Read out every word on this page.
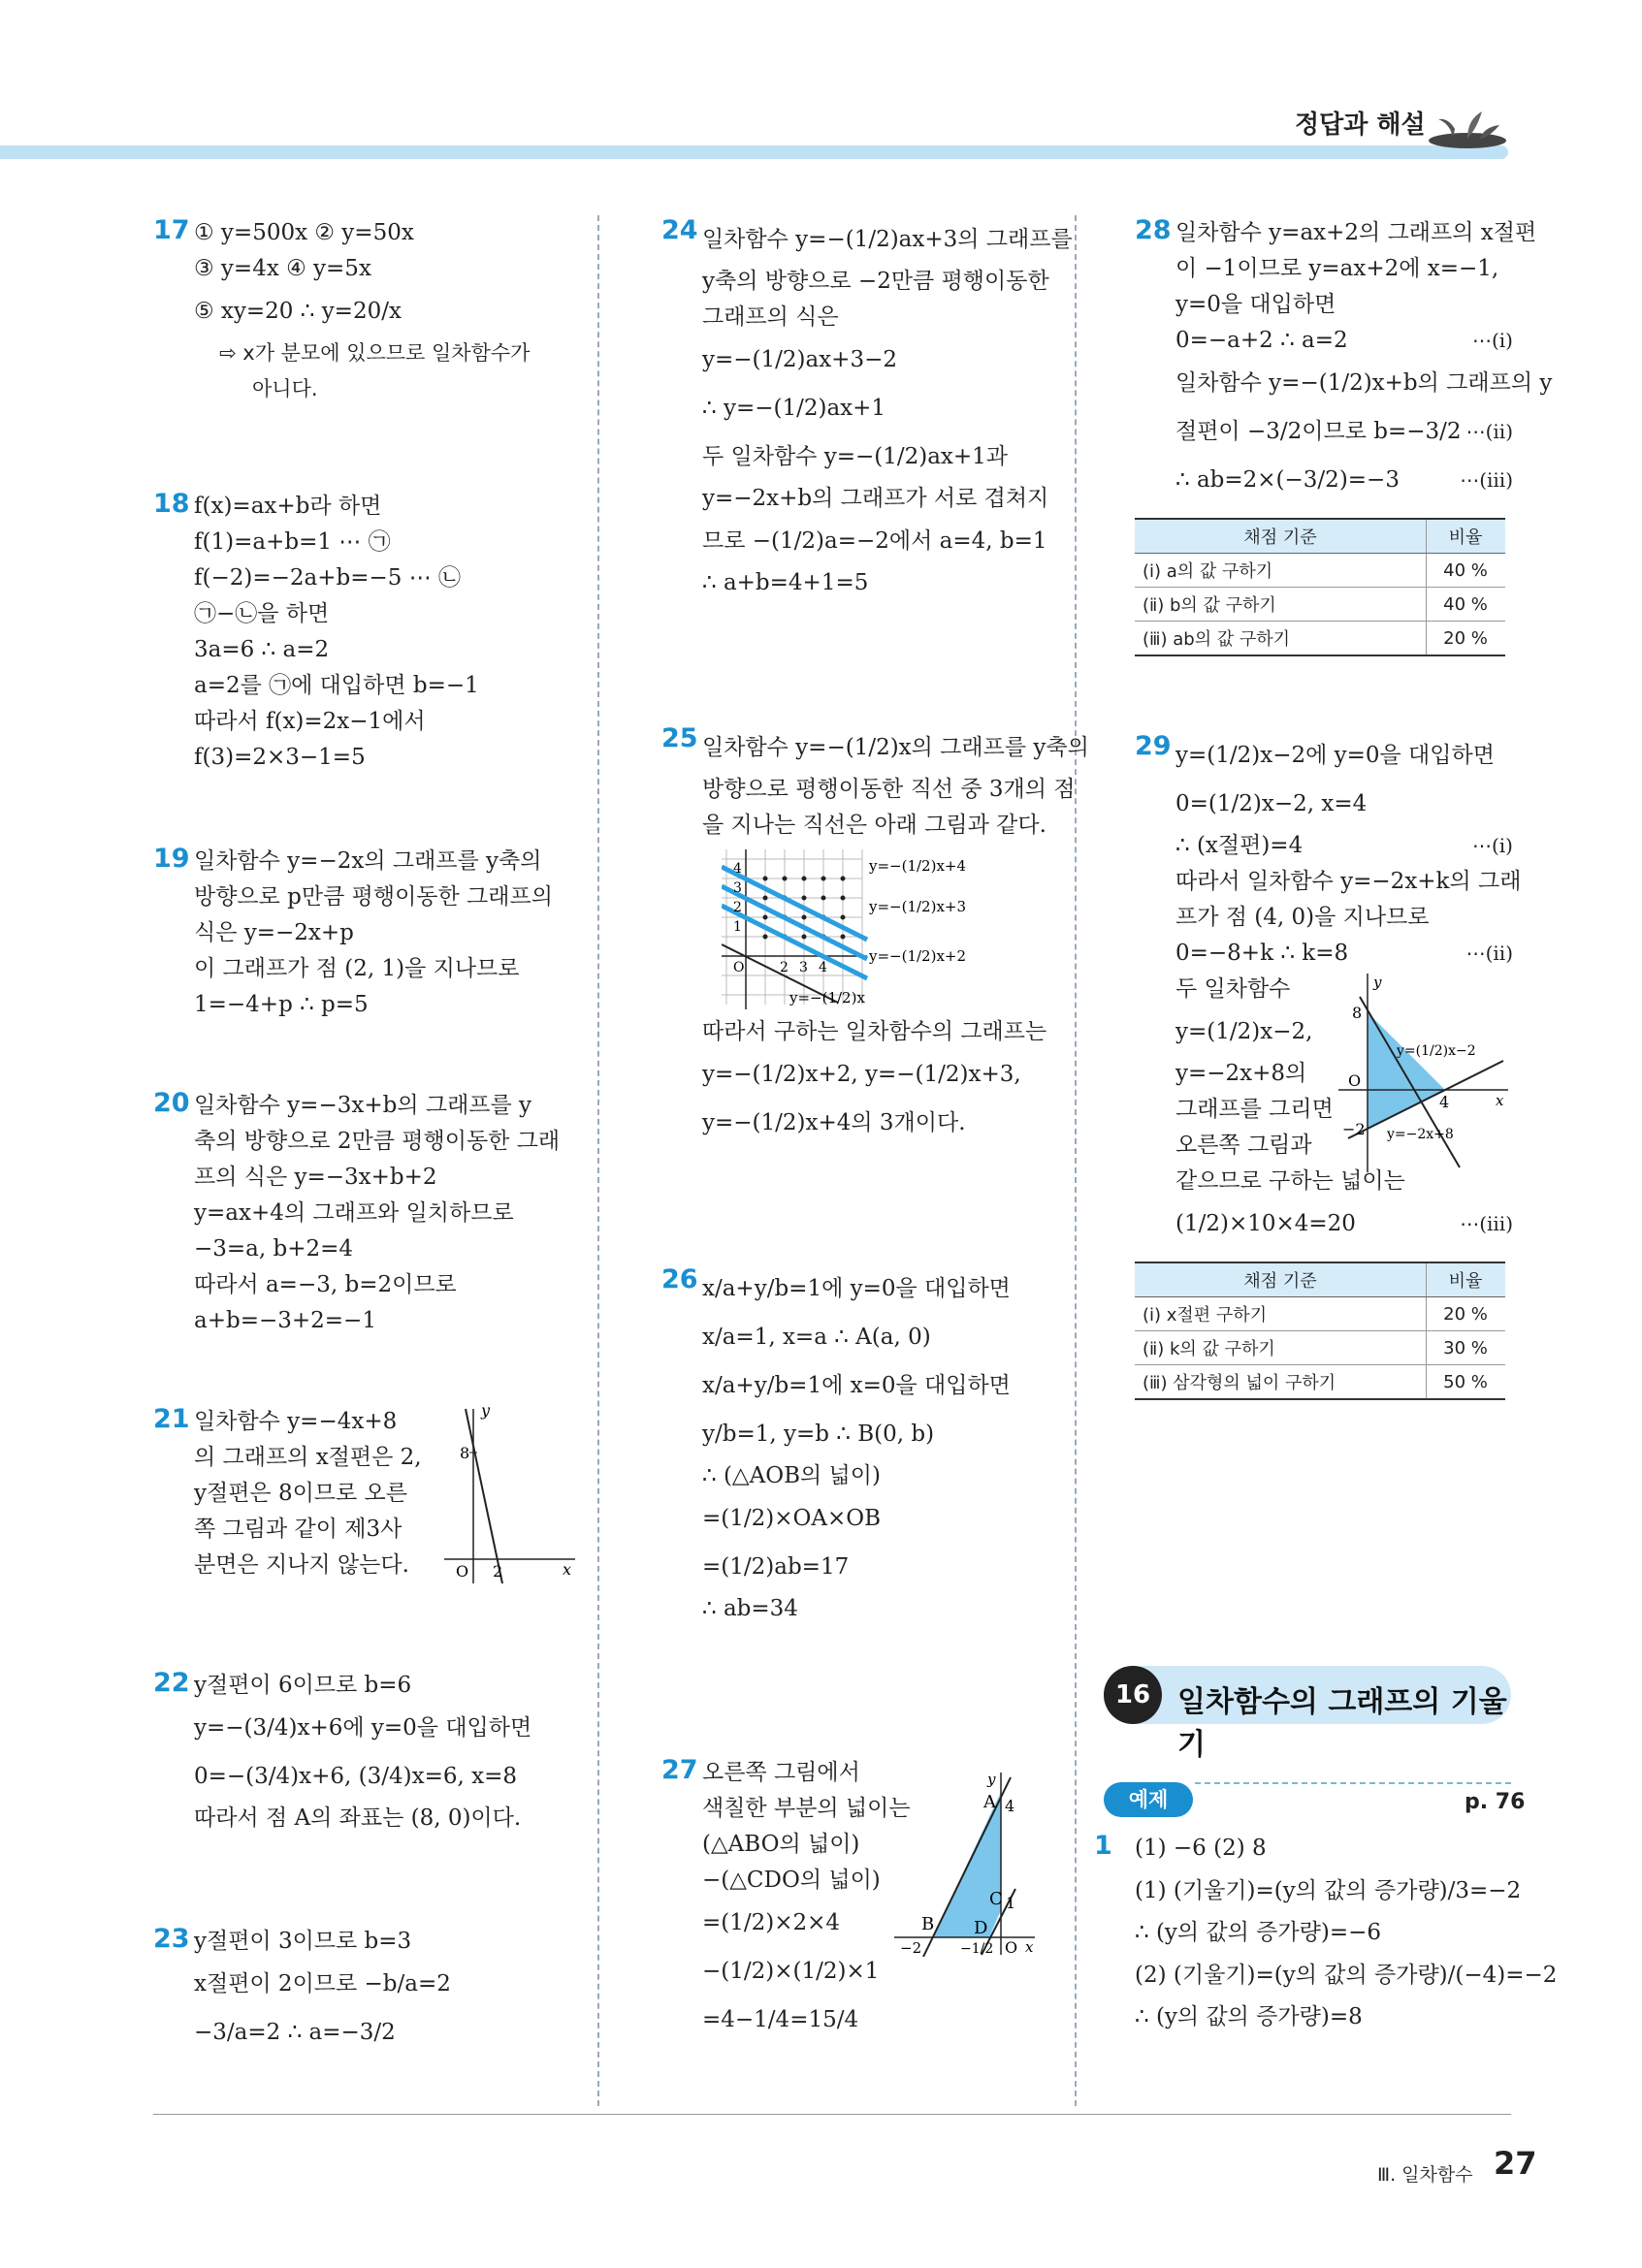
정답과 해설
17 ① y=500x ② y=50x
③ y=4x ④ y=5x
⑤ xy=20 ∴ y=20/x
⇨ x가 분모에 있으므로 일차함수가
아니다.
18 f(x)=ax+b라 하면
f(1)=a+b=1 ⋯ ㉠
f(−2)=−2a+b=−5 ⋯ ㉡
㉠−㉡을 하면
3a=6 ∴ a=2
a=2를 ㉠에 대입하면 b=−1
따라서 f(x)=2x−1에서
f(3)=2×3−1=5
19 일차함수 y=−2x의 그래프를 y축의
방향으로 p만큼 평행이동한 그래프의
식은 y=−2x+p
이 그래프가 점 (2, 1)을 지나므로
1=−4+p ∴ p=5
20 일차함수 y=−3x+b의 그래프를 y
축의 방향으로 2만큼 평행이동한 그래
프의 식은 y=−3x+b+2
y=ax+4의 그래프와 일치하므로
−3=a, b+2=4
따라서 a=−3, b=2이므로
a+b=−3+2=−1
21 일차함수 y=−4x+8
의 그래프의 x절편은 2,
y절편은 8이므로 오른
쪽 그림과 같이 제3사
분면은 지나지 않는다.
y
x
O 2
8
22 y절편이 6이므로 b=6
y=−(3/4)x+6에 y=0을 대입하면
0=−(3/4)x+6, (3/4)x=6, x=8
따라서 점 A의 좌표는 (8, 0)이다.
23 y절편이 3이므로 b=3
x절편이 2이므로 −b/a=2
−3/a=2 ∴ a=−3/2
24 일차함수 y=−(1/2)ax+3의 그래프를
y축의 방향으로 −2만큼 평행이동한
그래프의 식은
y=−(1/2)ax+3−2
∴ y=−(1/2)ax+1
두 일차함수 y=−(1/2)ax+1과
y=−2x+b의 그래프가 서로 겹쳐지
므로 −(1/2)a=−2에서 a=4, b=1
∴ a+b=4+1=5
25 일차함수 y=−(1/2)x의 그래프를 y축의
방향으로 평행이동한 직선 중 3개의 점
을 지나는 직선은 아래 그림과 같다.
4
3
2
1
O	2 3 4
y=−(1/2)x+4
y=−(1/2)x+3
y=−(1/2)x+2
y=−(1/2)x
따라서 구하는 일차함수의 그래프는
y=−(1/2)x+2, y=−(1/2)x+3,
y=−(1/2)x+4의 3개이다.
26 x/a+y/b=1에 y=0을 대입하면
x/a=1, x=a ∴ A(a, 0)
x/a+y/b=1에 x=0을 대입하면
y/b=1, y=b ∴ B(0, b)
∴ (△AOB의 넓이)
=(1/2)×OA×OB
=(1/2)ab=17
∴ ab=34
27 오른쪽 그림에서
색칠한 부분의 넓이는
(△ABO의 넓이)
−(△CDO의 넓이)
=(1/2)×2×4
−(1/2)×(1/2)×1
=4−1/4=15/4
y
x
A 4
B
C 1
D
O
−2	−1/2
28 일차함수 y=ax+2의 그래프의 x절편
이 −1이므로 y=ax+2에 x=−1,
y=0을 대입하면
⋯(ⅰ)
0=−a+2 ∴ a=2
일차함수 y=−(1/2)x+b의 그래프의 y
⋯(ⅱ)
절편이 −3/2이므로 b=−3/2
⋯(ⅲ)
∴ ab=2×(−3/2)=−3
채점 기준	비율
(ⅰ) a의 값 구하기	40 %
(ⅱ) b의 값 구하기	40 %
(ⅲ) ab의 값 구하기	20 %
29 y=(1/2)x−2에 y=0을 대입하면
0=(1/2)x−2, x=4
⋯(ⅰ)
∴ (x절편)=4
따라서 일차함수 y=−2x+k의 그래
프가 점 (4, 0)을 지나므로
⋯(ⅱ)
0=−8+k ∴ k=8
두 일차함수
y=(1/2)x−2,
y=−2x+8의
그래프를 그리면
오른쪽 그림과
같으므로 구하는 넓이는
⋯(ⅲ)
(1/2)×10×4=20
y
x
O
8
4
−2
y=(1/2)x−2
y=−2x+8
채점 기준	비율
(ⅰ) x절편 구하기	20 %
(ⅱ) k의 값 구하기	30 %
(ⅲ) 삼각형의 넓이 구하기	50 %
16강
일차함수의 그래프의 기울기
예제	p. 76
1 (1) −6 (2) 8
(1) (기울기)=(y의 값의 증가량)/3=−2
∴ (y의 값의 증가량)=−6
(2) (기울기)=(y의 값의 증가량)/(−4)=−2
∴ (y의 값의 증가량)=8
Ⅲ. 일차함수 27
